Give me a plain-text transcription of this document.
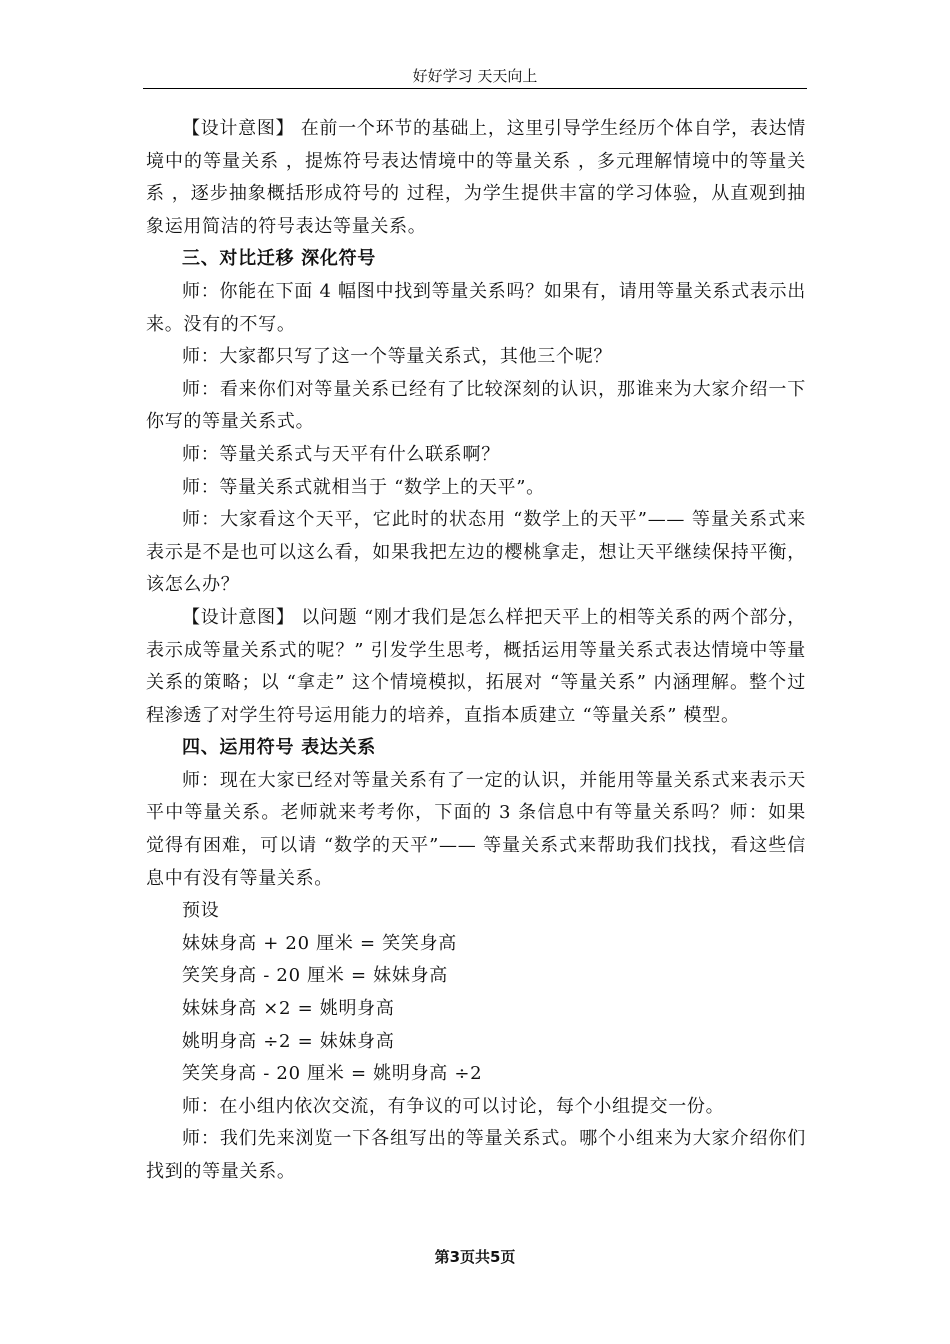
好好学习 天天向上

【设计意图】 在前一个环节的基础上，这里引导学生经历个体自学，表达情境中的等量关系 ，提炼符号表达情境中的等量关系 ，多元理解情境中的等量关系 ，逐步抽象概括形成符号的 过程，为学生提供丰富的学习体验，从直观到抽象运用简洁的符号表达等量关系。

三、对比迁移 深化符号

师：你能在下面 4 幅图中找到等量关系吗？如果有，请用等量关系式表示出来。没有的不写。

师：大家都只写了这一个等量关系式，其他三个呢？

师：看来你们对等量关系已经有了比较深刻的认识，那谁来为大家介绍一下你写的等量关系式。

师：等量关系式与天平有什么联系啊？

师：等量关系式就相当于 “数学上的天平”。

师：大家看这个天平，它此时的状态用 “数学上的天平”—— 等量关系式来表示是不是也可以这么看，如果我把左边的樱桃拿走，想让天平继续保持平衡，该怎么办？

【设计意图】 以问题 “刚才我们是怎么样把天平上的相等关系的两个部分，表示成等量关系式的呢？” 引发学生思考，概括运用等量关系式表达情境中等量关系的策略；以 “拿走” 这个情境模拟，拓展对 “等量关系” 内涵理解。整个过程渗透了对学生符号运用能力的培养，直指本质建立 “等量关系” 模型。

四、运用符号 表达关系

师：现在大家已经对等量关系有了一定的认识，并能用等量关系式来表示天平中等量关系。老师就来考考你，下面的 3 条信息中有等量关系吗？师：如果觉得有困难，可以请 “数学的天平”—— 等量关系式来帮助我们找找，看这些信息中有没有等量关系。

预设

妹妹身高 + 20 厘米 = 笑笑身高

笑笑身高 - 20 厘米 = 妹妹身高

妹妹身高 ×2 = 姚明身高

姚明身高 ÷2 = 妹妹身高

笑笑身高 - 20 厘米 = 姚明身高 ÷2

师：在小组内依次交流，有争议的可以讨论，每个小组提交一份。

师：我们先来浏览一下各组写出的等量关系式。哪个小组来为大家介绍你们找到的等量关系。

第3页共5页
